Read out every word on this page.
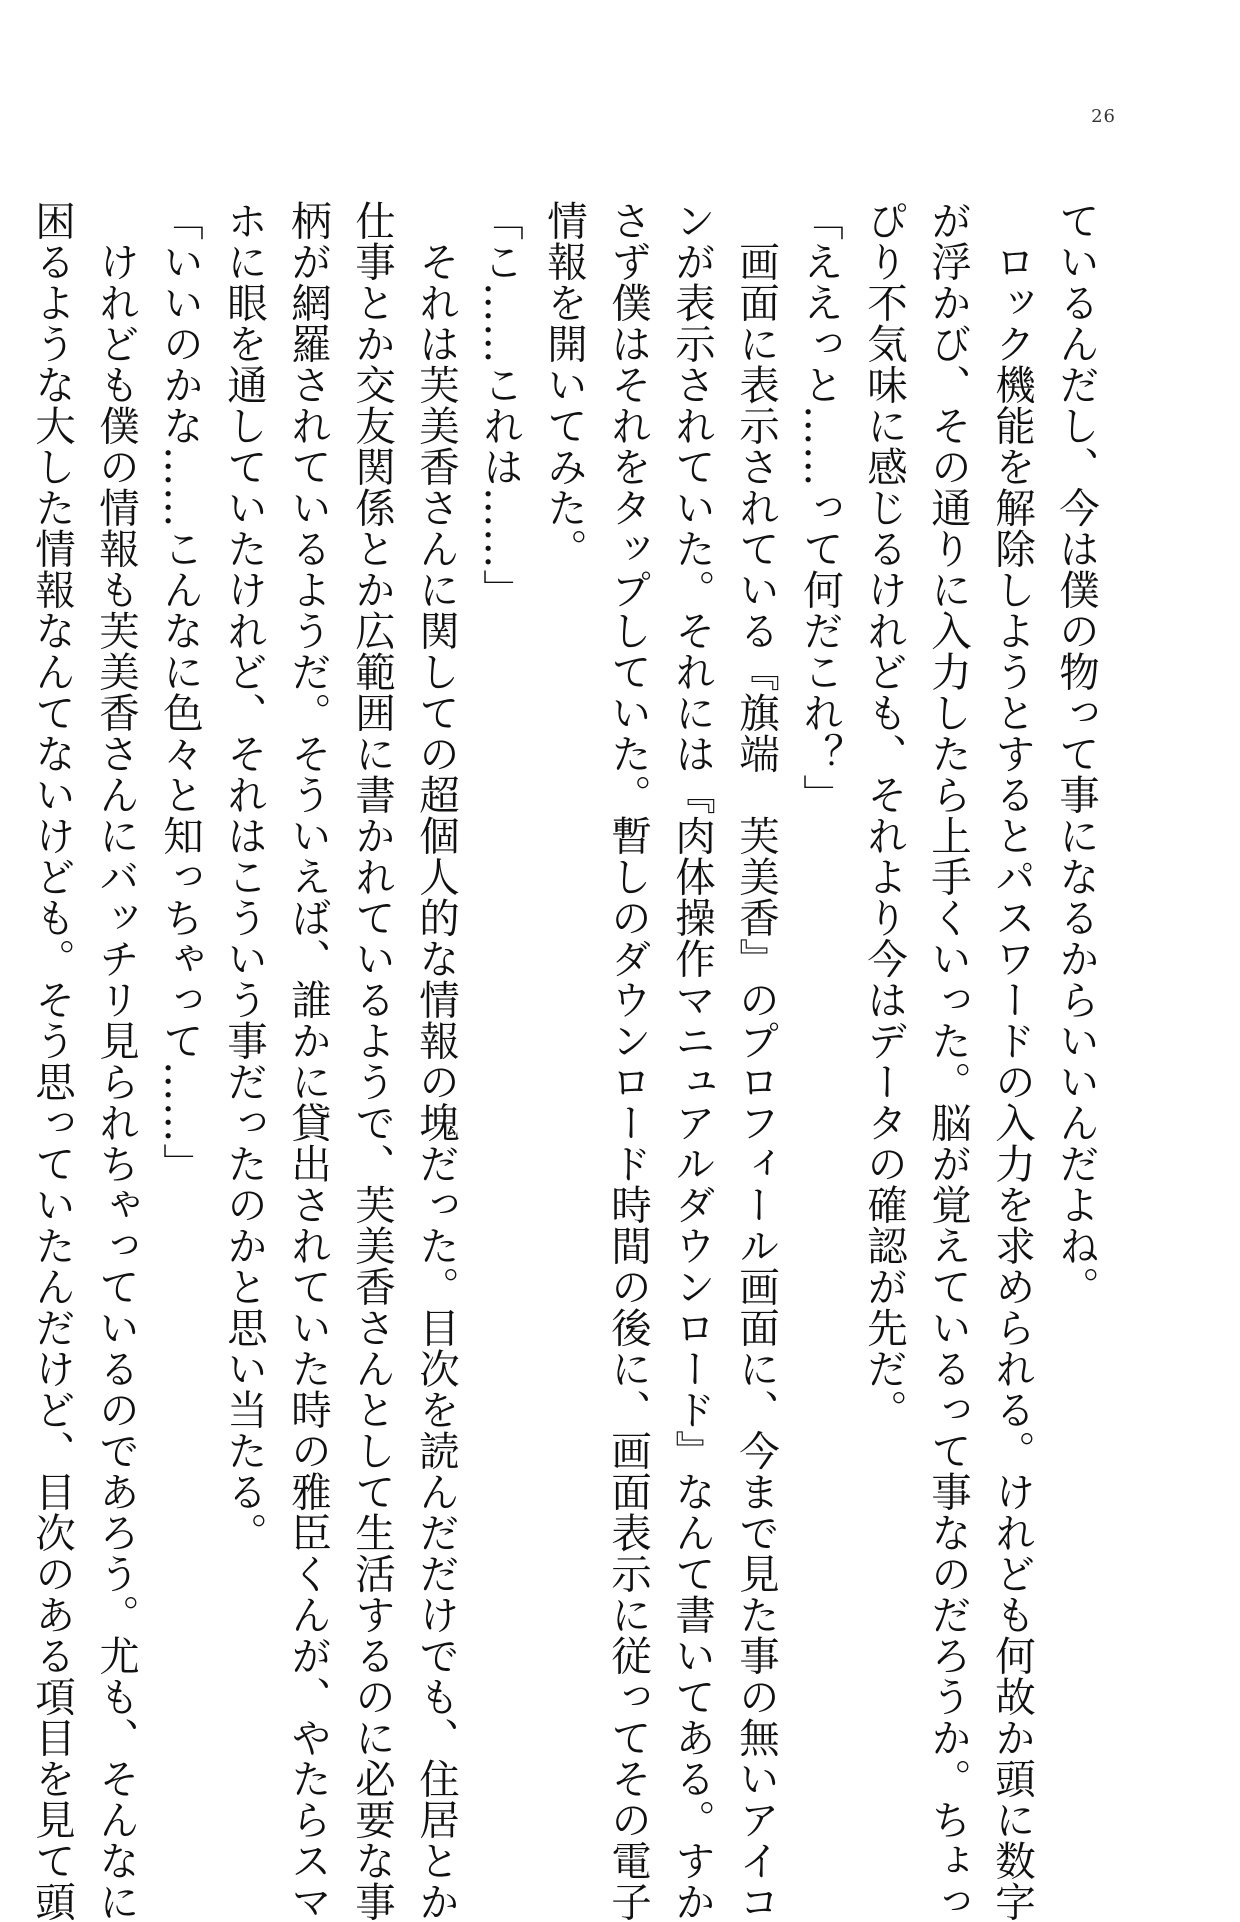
26

ているんだし、今は僕の物って事になるからいいんだよね。

　ロック機能を解除しようとするとパスワードの入力を求められる。けれども何故か頭に数字

が浮かび、その通りに入力したら上手くいった。脳が覚えているって事なのだろうか。ちょっ

ぴり不気味に感じるけれども、それより今はデータの確認が先だ。

「ええっと……って何だこれ？」

　画面に表示されている『旗端　芙美香』のプロフィール画面に、今まで見た事の無いアイコ

ンが表示されていた。それには『肉体操作マニュアルダウンロード』なんて書いてある。すか

さず僕はそれをタップしていた。暫しのダウンロード時間の後に、画面表示に従ってその電子

情報を開いてみた。

「こ……これは……」

　それは芙美香さんに関しての超個人的な情報の塊だった。目次を読んだだけでも、住居とか

仕事とか交友関係とか広範囲に書かれているようで、芙美香さんとして生活するのに必要な事

柄が網羅されているようだ。そういえば、誰かに貸出されていた時の雅臣くんが、やたらスマ

ホに眼を通していたけれど、それはこういう事だったのかと思い当たる。

「いいのかな……こんなに色々と知っちゃって……」

　けれども僕の情報も芙美香さんにバッチリ見られちゃっているのであろう。尤も、そんなに

困るような大した情報なんてないけども。そう思っていたんだけど、目次のある項目を見て頭
